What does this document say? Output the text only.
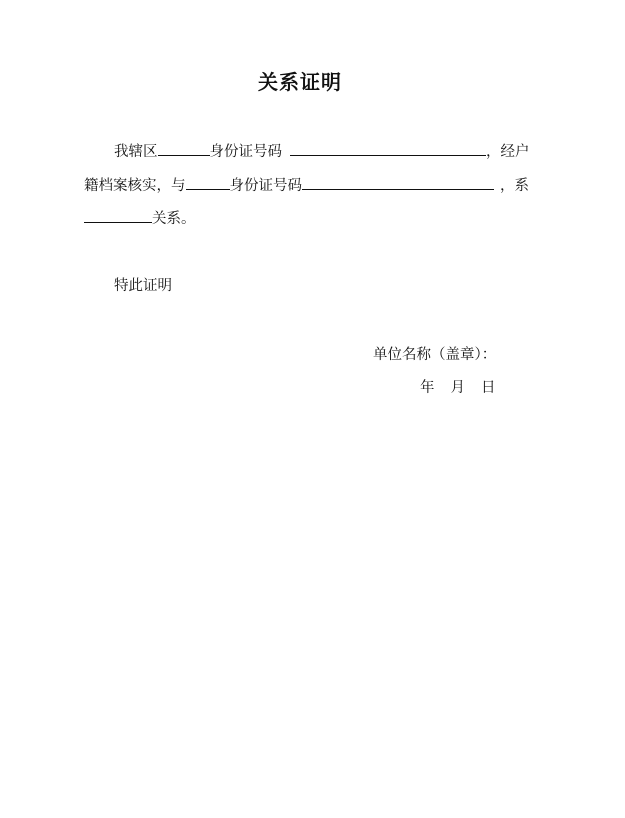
关系证明
我辖区	身份证号码	，经户
籍档案核实，与	身份证号码	，系
关系。
特此证明
单位名称（盖章）：
年 月 日
